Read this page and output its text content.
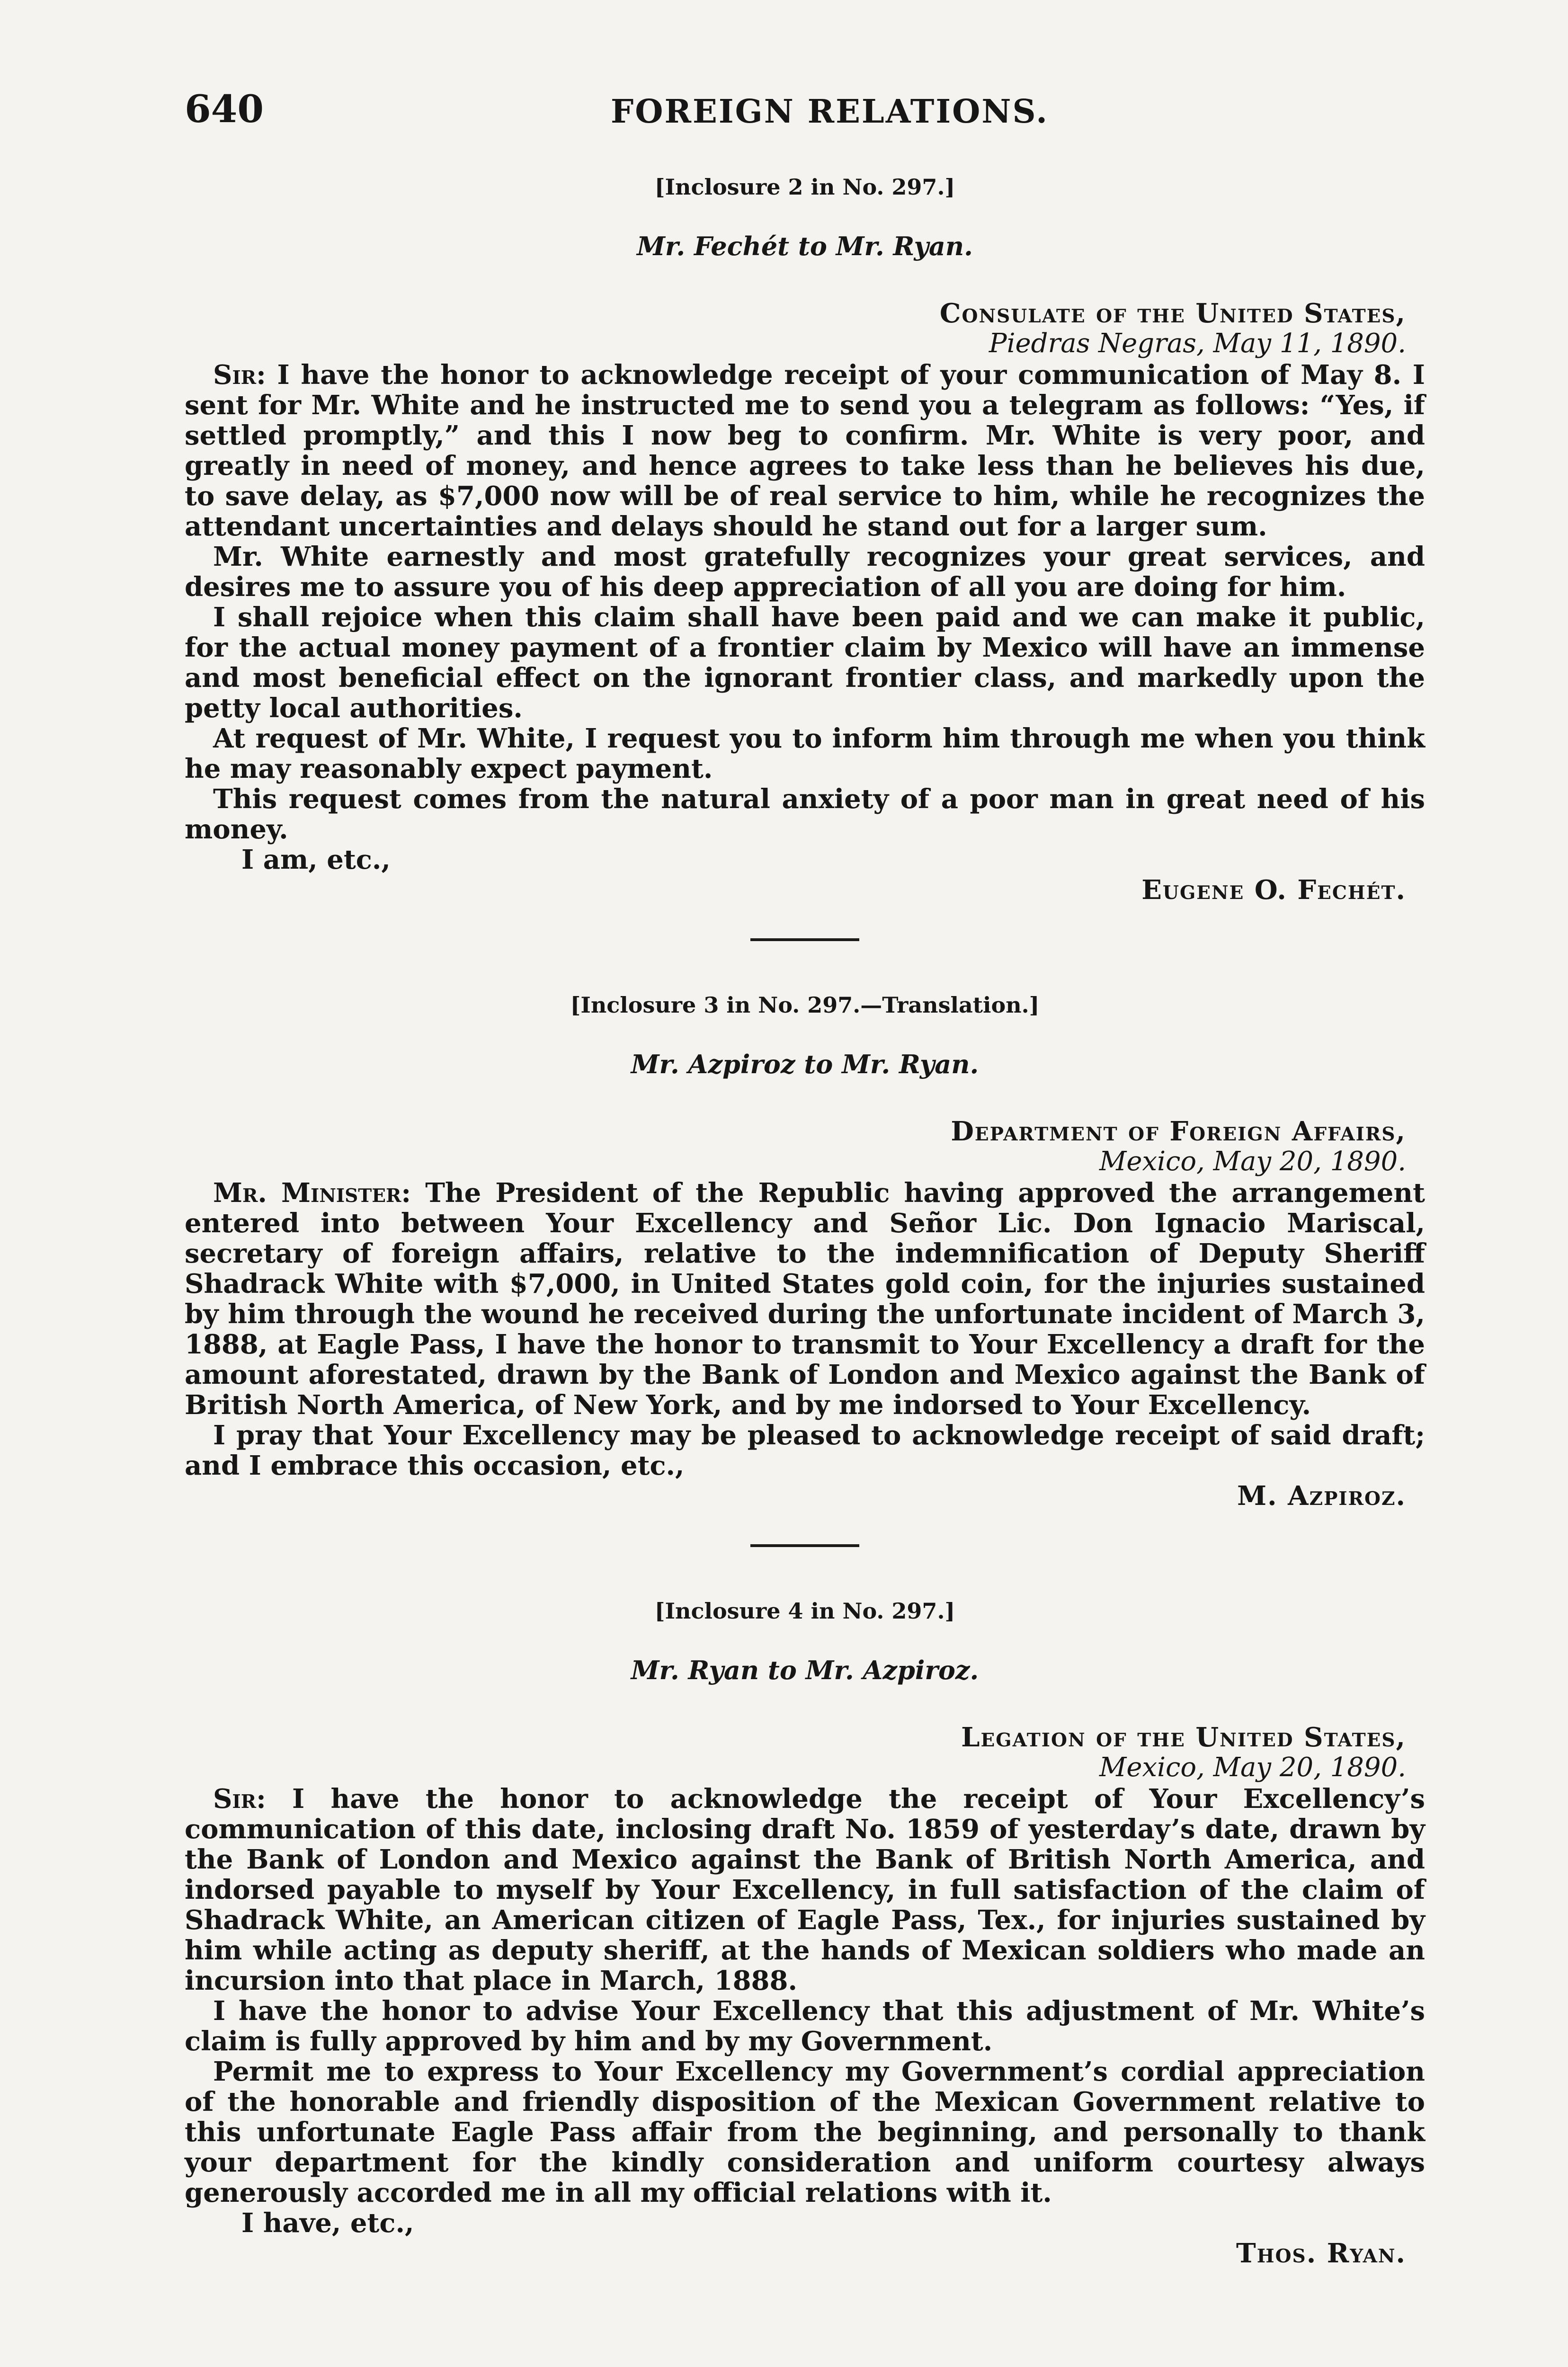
640	FOREIGN RELATIONS.

[Inclosure 2 in No. 297.]

Mr. Fechét to Mr. Ryan.

Consulate of the United States,

Piedras Negras, May 11, 1890.

Sir: I have the honor to acknowledge receipt of your communication of May 8. I sent for Mr. White and he instructed me to send you a telegram as follows: “Yes, if settled promptly,” and this I now beg to confirm. Mr. White is very poor, and greatly in need of money, and hence agrees to take less than he believes his due, to save delay, as $7,000 now will be of real service to him, while he recognizes the attendant uncertainties and delays should he stand out for a larger sum.

Mr. White earnestly and most gratefully recognizes your great services, and desires me to assure you of his deep appreciation of all you are doing for him.

I shall rejoice when this claim shall have been paid and we can make it public, for the actual money payment of a frontier claim by Mexico will have an immense and most beneficial effect on the ignorant frontier class, and markedly upon the petty local authorities.

At request of Mr. White, I request you to inform him through me when you think he may reasonably expect payment.

This request comes from the natural anxiety of a poor man in great need of his money.

I am, etc.,

Eugene O. Fechét.

[Inclosure 3 in No. 297.—Translation.]

Mr. Azpiroz to Mr. Ryan.

Department of Foreign Affairs,

Mexico, May 20, 1890.

Mr. Minister: The President of the Republic having approved the arrangement entered into between Your Excellency and Señor Lic. Don Ignacio Mariscal, secretary of foreign affairs, relative to the indemnification of Deputy Sheriff Shadrack White with $7,000, in United States gold coin, for the injuries sustained by him through the wound he received during the unfortunate incident of March 3, 1888, at Eagle Pass, I have the honor to transmit to Your Excellency a draft for the amount aforestated, drawn by the Bank of London and Mexico against the Bank of British North America, of New York, and by me indorsed to Your Excellency.

I pray that Your Excellency may be pleased to acknowledge receipt of said draft; and I embrace this occasion, etc.,

M. Azpiroz.

[Inclosure 4 in No. 297.]

Mr. Ryan to Mr. Azpiroz.

Legation of the United States,

Mexico, May 20, 1890.

Sir: I have the honor to acknowledge the receipt of Your Excellency’s communication of this date, inclosing draft No. 1859 of yesterday’s date, drawn by the Bank of London and Mexico against the Bank of British North America, and indorsed payable to myself by Your Excellency, in full satisfaction of the claim of Shadrack White, an American citizen of Eagle Pass, Tex., for injuries sustained by him while acting as deputy sheriff, at the hands of Mexican soldiers who made an incursion into that place in March, 1888.

I have the honor to advise Your Excellency that this adjustment of Mr. White’s claim is fully approved by him and by my Government.

Permit me to express to Your Excellency my Government’s cordial appreciation of the honorable and friendly disposition of the Mexican Government relative to this unfortunate Eagle Pass affair from the beginning, and personally to thank your department for the kindly consideration and uniform courtesy always generously accorded me in all my official relations with it.

I have, etc.,

Thos. Ryan.
